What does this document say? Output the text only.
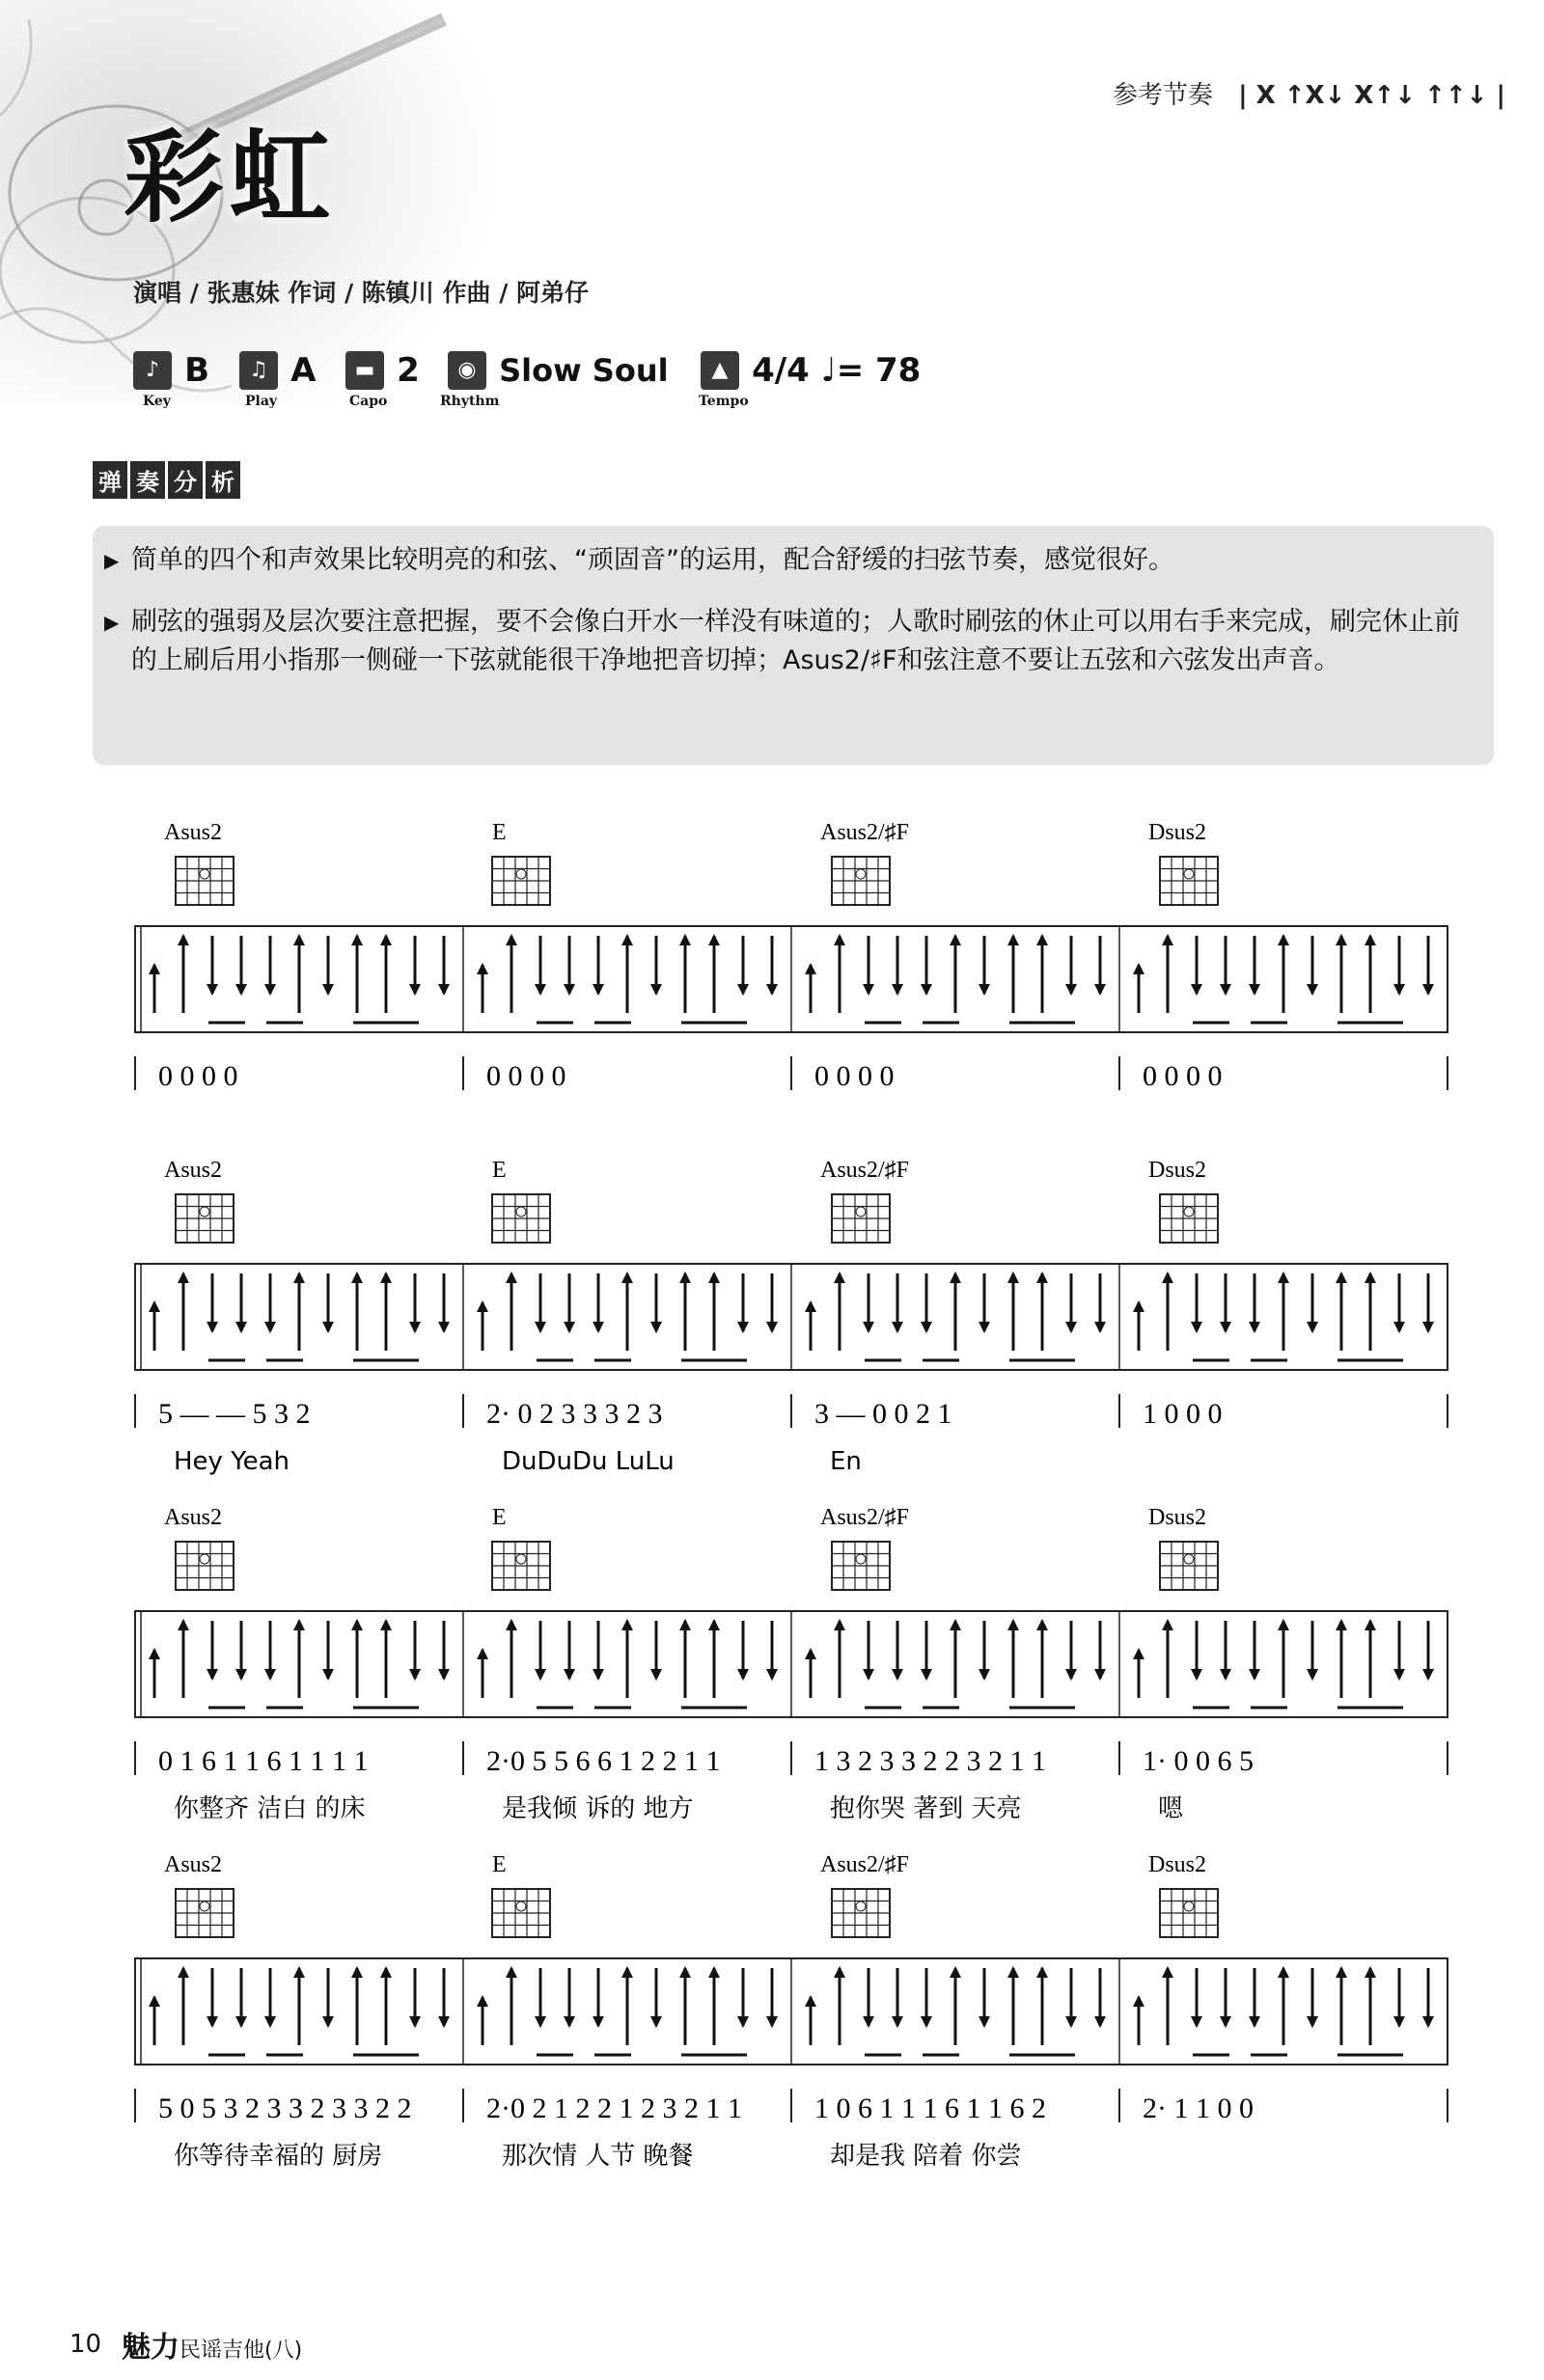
彩虹
演唱 / 张惠妹 作词 / 陈镇川 作曲 / 阿弟仔
参考节奏 | X ↑X↓ X↑↓ ↑↑↓ |
♪ B
Key
♫ A
Play
▬ 2
Capo
◉ Slow Soul
Rhythm
▲ 4/4 ♩= 78
Tempo
弹 奏 分 析
▶ 简单的四个和声效果比较明亮的和弦、“顽固音”的运用，配合舒缓的扫弦节奏，感觉很好。
▶ 刷弦的强弱及层次要注意把握，要不会像白开水一样没有味道的；人歌时刷弦的休止可以用右手来完成，刷完休止前的上刷后用小指那一侧碰一下弦就能很干净地把音切掉；Asus2/♯F和弦注意不要让五弦和六弦发出声音。
Asus2	E	Asus2/♯F	Dsus2
0 0 0 0	0 0 0 0	0 0 0 0	0 0 0 0
Asus2	E	Asus2/♯F	Dsus2
5 — — 5 3 2	2· 0 2 3 3 3 2 3	3 — 0 0 2 1	1 0 0 0
Hey Yeah	DuDuDu LuLu	En
Asus2	E	Asus2/♯F	Dsus2
0 1 6 1 1 6 1 1 1 1	2·0 5 5 6 6 1 2 2 1 1	1 3 2 3 3 2 2 3 2 1 1	1· 0 0 6 5
你整齐 洁白 的床	是我倾 诉的 地方	抱你哭 著到 天亮	嗯
Asus2	E	Asus2/♯F	Dsus2
5 0 5 3 2 3 3 2 3 3 2 2	2·0 2 1 2 2 1 2 3 2 1 1	1 0 6 1 1 1 6 1 1 6 2	2· 1 1 0 0
你等待幸福的 厨房	那次情 人节 晚餐	却是我 陪着 你尝
10 魅力民谣吉他(八)
